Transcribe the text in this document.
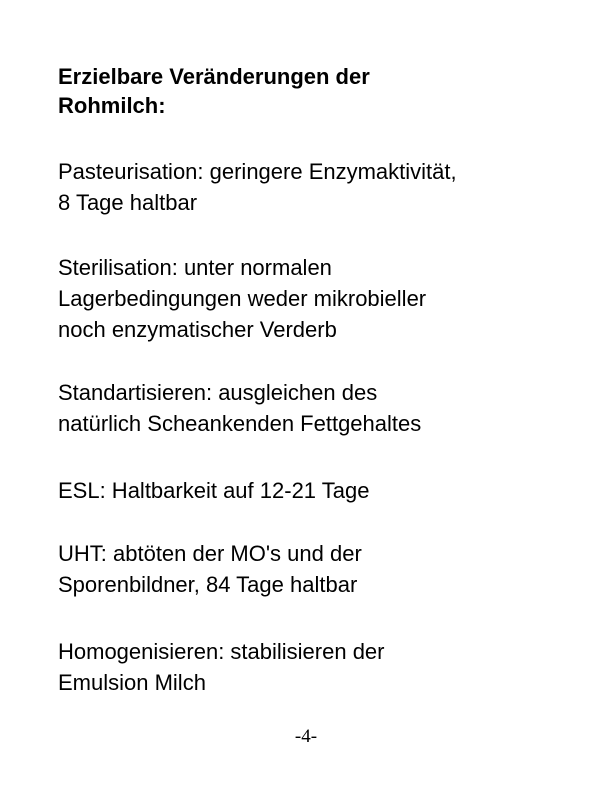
Erzielbare Veränderungen der
Rohmilch:

Pasteurisation: geringere Enzymaktivität,
8 Tage haltbar

Sterilisation: unter normalen
Lagerbedingungen weder mikrobieller
noch enzymatischer Verderb

Standartisieren: ausgleichen des
natürlich Scheankenden Fettgehaltes

ESL: Haltbarkeit auf 12-21 Tage

UHT: abtöten der MO's und der
Sporenbildner, 84 Tage haltbar

Homogenisieren: stabilisieren der
Emulsion Milch

-4-
